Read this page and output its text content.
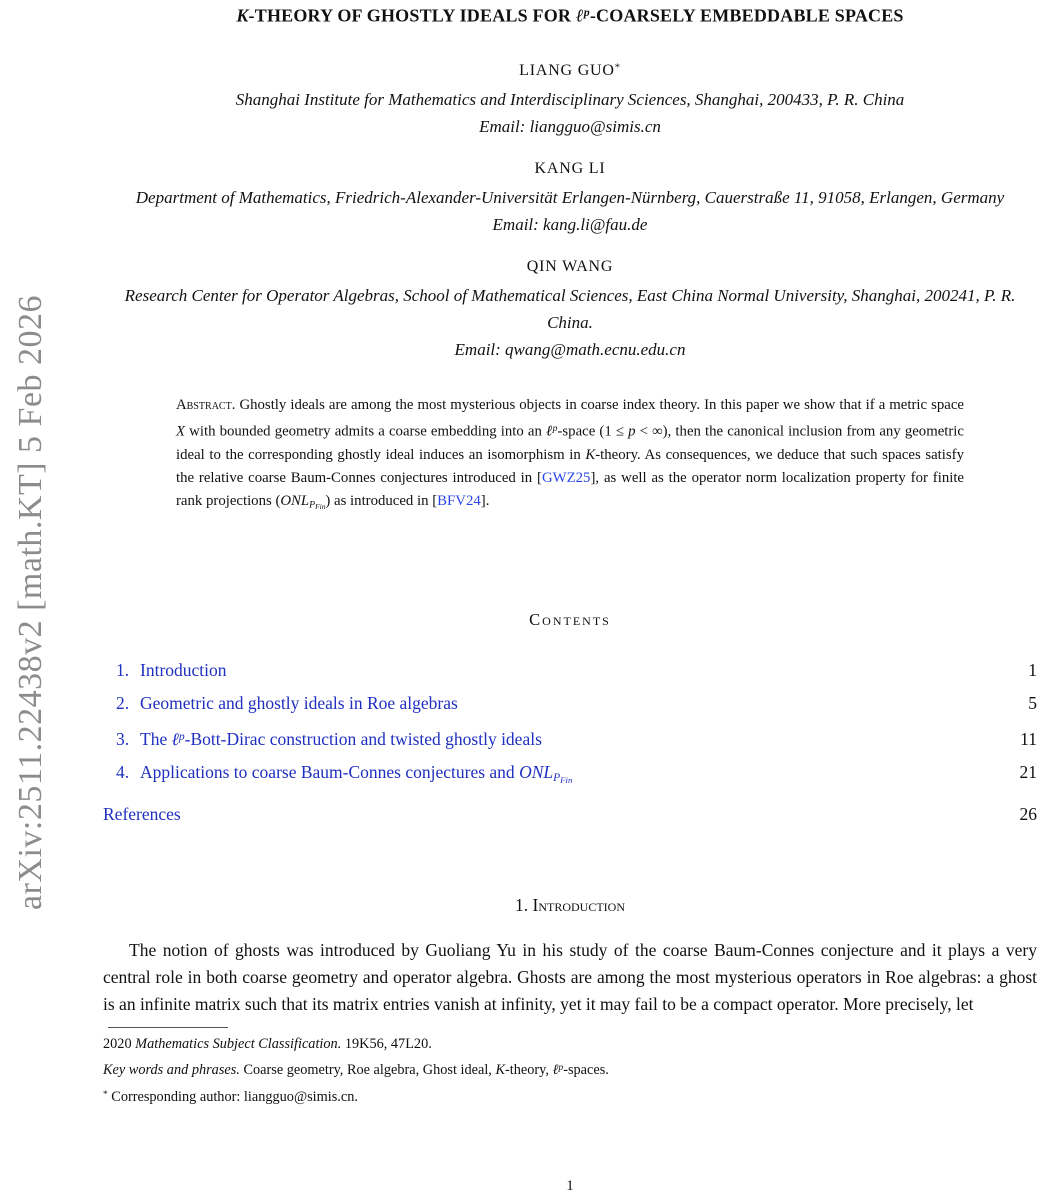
arXiv:2511.22438v2 [math.KT] 5 Feb 2026
K-THEORY OF GHOSTLY IDEALS FOR ℓ$^p$-COARSELY EMBEDDABLE SPACES
LIANG GUO*
Shanghai Institute for Mathematics and Interdisciplinary Sciences, Shanghai, 200433, P. R. China
Email: liangguo@simis.cn
KANG LI
Department of Mathematics, Friedrich-Alexander-Universität Erlangen-Nürnberg, Cauerstraße 11, 91058, Erlangen, Germany
Email: kang.li@fau.de
QIN WANG
Research Center for Operator Algebras, School of Mathematical Sciences, East China Normal University, Shanghai, 200241, P. R. China.
Email: qwang@math.ecnu.edu.cn

Abstract. Ghostly ideals are among the most mysterious objects in coarse index theory. In this paper we show that if a metric space X with bounded geometry admits a coarse embedding into an ℓ$^p$-space (1 ≤ p < ∞), then the canonical inclusion from any geometric ideal to the corresponding ghostly ideal induces an isomorphism in K-theory. As consequences, we deduce that such spaces satisfy the relative coarse Baum-Connes conjectures introduced in [GWZ25], as well as the operator norm localization property for finite rank projections $(ONL_{PFin})$ as introduced in [BFV24].

Contents
1. Introduction	1
2. Geometric and ghostly ideals in Roe algebras	5
3. The ℓ$^p$-Bott-Dirac construction and twisted ghostly ideals	11
4. Applications to coarse Baum-Connes conjectures and $ONL_{PFin}$	21
References	26
1. Introduction

The notion of ghosts was introduced by Guoliang Yu in his study of the coarse Baum-Connes conjecture and it plays a very central role in both coarse geometry and operator algebra. Ghosts are among the most mysterious operators in Roe algebras: a ghost is an infinite matrix such that its matrix entries vanish at infinity, yet it may fail to be a compact operator. More precisely, let

2020 Mathematics Subject Classification. 19K56, 47L20.
Key words and phrases. Coarse geometry, Roe algebra, Ghost ideal, K-theory, ℓ$^p$-spaces.
* Corresponding author: liangguo@simis.cn.
1
